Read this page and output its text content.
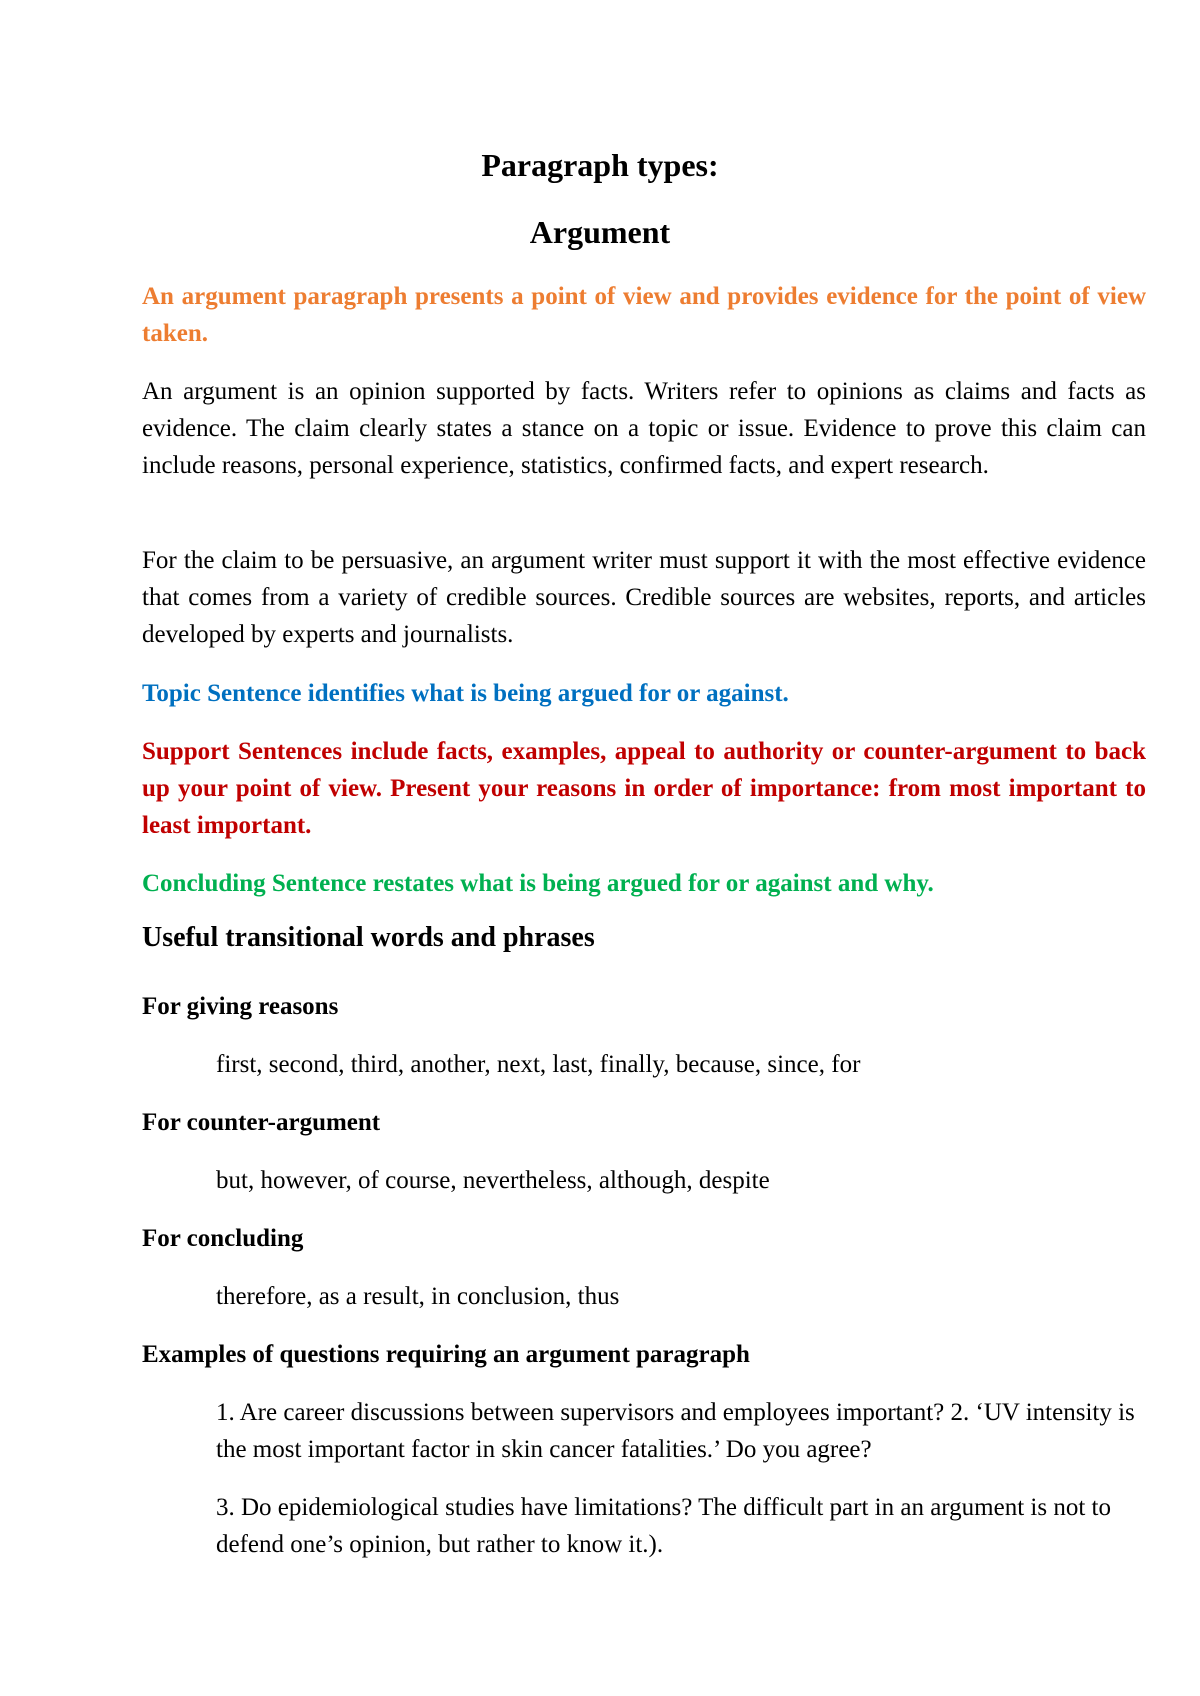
Paragraph types:
Argument

An argument paragraph presents a point of view and provides evidence for the point of view taken.

An argument is an opinion supported by facts. Writers refer to opinions as claims and facts as evidence. The claim clearly states a stance on a topic or issue. Evidence to prove this claim can include reasons, personal experience, statistics, confirmed facts, and expert research.

For the claim to be persuasive, an argument writer must support it with the most effective evidence that comes from a variety of credible sources. Credible sources are websites, reports, and articles developed by experts and journalists.

Topic Sentence identifies what is being argued for or against.

Support Sentences include facts, examples, appeal to authority or counter-argument to back up your point of view. Present your reasons in order of importance: from most important to least important.

Concluding Sentence restates what is being argued for or against and why.

Useful transitional words and phrases

For giving reasons

first, second, third, another, next, last, finally, because, since, for

For counter-argument

but, however, of course, nevertheless, although, despite

For concluding

therefore, as a result, in conclusion, thus

Examples of questions requiring an argument paragraph

1. Are career discussions between supervisors and employees important? 2. ‘UV intensity is the most important factor in skin cancer fatalities.’ Do you agree?

3. Do epidemiological studies have limitations? The difficult part in an argument is not to defend one’s opinion, but rather to know it.).
